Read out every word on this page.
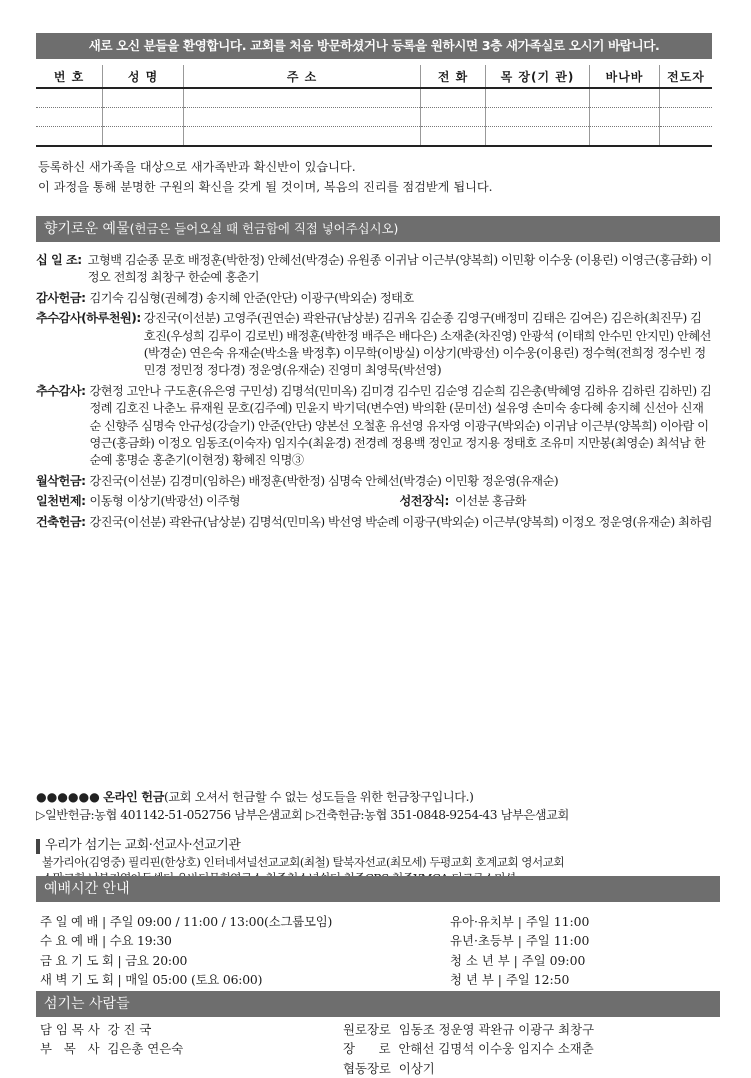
새로 오신 분들을 환영합니다. 교회를 처음 방문하셨거나 등록을 원하시면 3층 새가족실로 오시기 바랍니다.
번 호	성 명	주 소	전 화	목 장(기 관)	바나바	전도자

등록하신 새가족을 대상으로 새가족반과 확신반이 있습니다.
이 과정을 통해 분명한 구원의 확신을 갖게 될 것이며, 복음의 진리를 점검받게 됩니다.
향기로운 예물(헌금은 들어오실 때 헌금함에 직접 넣어주십시오)
십 일 조: 고형백 김순종 문호 배정훈(박한정) 안혜선(박경순) 유원종 이귀남 이근부(양복희) 이민황 이수웅 (이용린) 이영근(홍금화) 이정오 전희정 최창구 한순예 홍춘기
감사헌금: 김기숙 김심형(권혜경) 송지혜 안준(안단) 이광구(박외순) 정태호
추수감사(하루천원): 강진국(이선분) 고영주(권연순) 곽완규(남상분) 김귀옥 김순종 김영구(배정미 김태은 김여은) 김은하(최진무) 김호진(우성희 김루이 김로빈) 배정훈(박한정 배주은 배다은) 소재춘(차진영) 안광석 (이태희 안수민 안지민) 안혜선(박경순) 연은숙 유재순(박소율 박정후) 이무학(이방실) 이상기(박광선) 이수웅(이용린) 정수혁(전희정 정수빈 정민경 정민정 정다경) 정운영(유재순) 진영미 최영묵(박선영)
추수감사: 강현정 고안나 구도훈(유은영 구민성) 김명석(민미옥) 김미경 김수민 김순영 김순희 김은총(박혜영 김하유 김하린 김하민) 김정례 김호진 나춘노 류재원 문호(김주예) 민윤지 박기덕(변수연) 박의환 (문미선) 설유영 손미숙 송다혜 송지혜 신선아 신재순 신향주 심명숙 안규성(강슬기) 안준(안단) 양본선 오철훈 유선영 유자영 이광구(박외순) 이귀남 이근부(양복희) 이아람 이영근(홍금화) 이정오 임동조(이숙자) 임지수(최윤경) 전경례 정용백 정인교 정지용 정태호 조유미 지만봉(최영순) 최석남 한순예 홍명순 홍춘기(이현정) 황혜진 익명③
월삭헌금: 강진국(이선분) 김경미(임하은) 배정훈(박한정) 심명숙 안혜선(박경순) 이민황 정운영(유재순)
일천번제: 이동형 이상기(박광선) 이주형	성전장식: 이선분 홍금화
건축헌금: 강진국(이선분) 곽완규(남상분) 김명석(민미옥) 박선영 박순례 이광구(박외순) 이근부(양복희) 이정오 정운영(유재순) 최하림
●●●●●● 온라인 헌금(교회 오셔서 헌금할 수 없는 성도들을 위한 헌금창구입니다.)
▷일반헌금:농협 401142-51-052756 남부은샘교회 ▷건축헌금:농협 351-0848-9254-43 남부은샘교회
우리가 섬기는 교회·선교사·선교기관
불가리아(김영중) 필리핀(한상호) 인터네셔널선교교회(최철) 탈북자선교(최모세) 두평교회 호계교회 영서교회
예배시간 안내
주 일 예 배 | 주일 09:00 / 11:00 / 13:00(소그룹모임)	유아·유치부 | 주일 11:00
수 요 예 배 | 수요 19:30	유년·초등부 | 주일 11:00
금 요 기 도 회 | 금요 20:00	청 소 년 부 | 주일 09:00
새 벽 기 도 회 | 매일 05:00 (토요 06:00)	청 년 부 | 주일 12:50
섬기는 사람들
담 임 목 사  강 진 국	원로장로  임동조 정운영 곽완규 이광구 최창구
부   목   사  김은총 연은숙	장      로  안해선 김명석 이수웅 임지수 소재춘
협동장로  이상기
